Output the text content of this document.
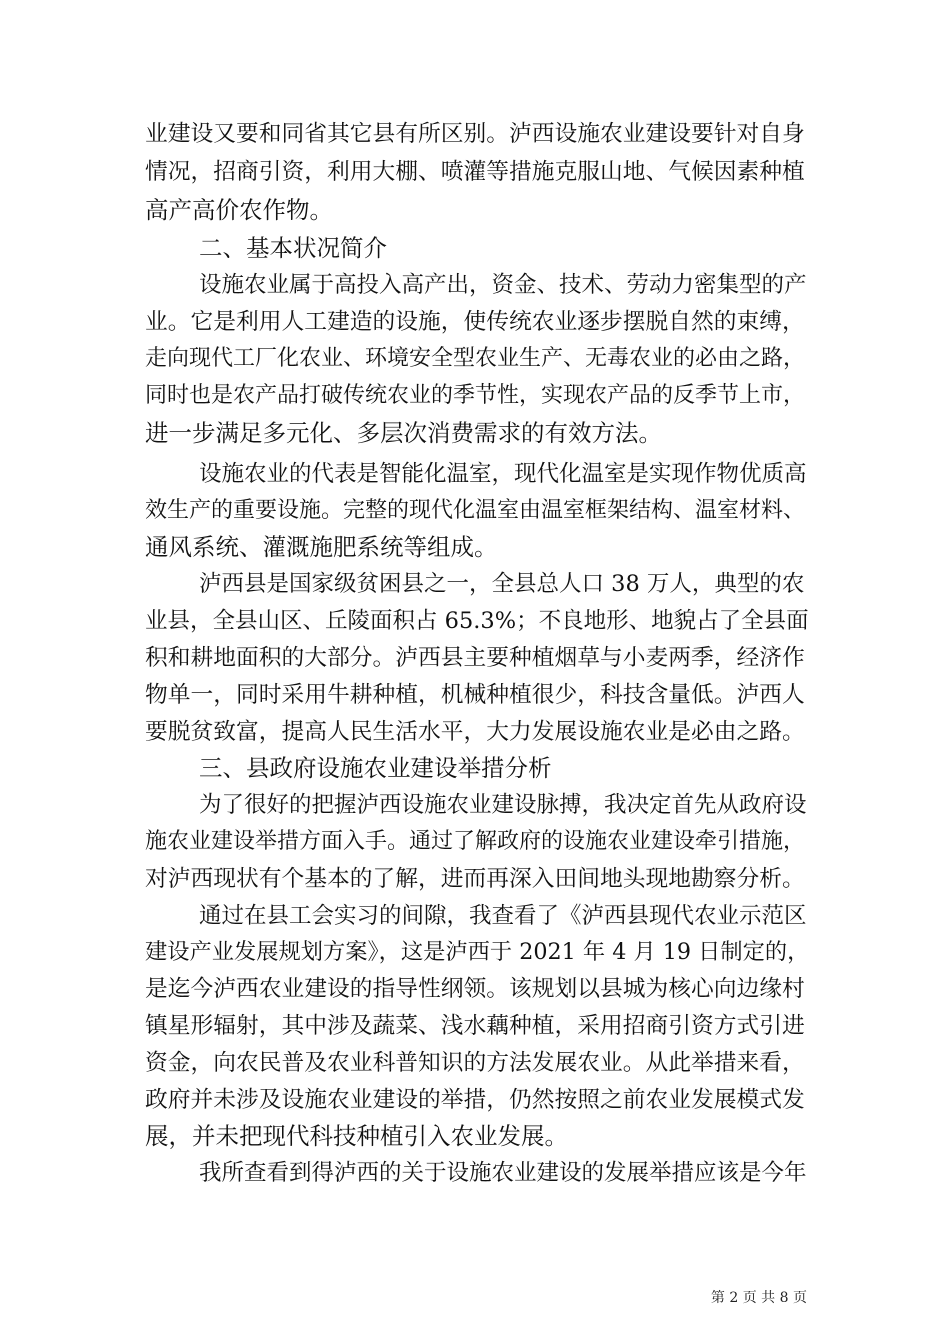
业建设又要和同省其它县有所区别。泸西设施农业建设要针对自身
情况，招商引资，利用大棚、喷灌等措施克服山地、气候因素种植
高产高价农作物。
二、基本状况简介
设施农业属于高投入高产出，资金、技术、劳动力密集型的产
业。它是利用人工建造的设施，使传统农业逐步摆脱自然的束缚，
走向现代工厂化农业、环境安全型农业生产、无毒农业的必由之路，
同时也是农产品打破传统农业的季节性，实现农产品的反季节上市，
进一步满足多元化、多层次消费需求的有效方法。
设施农业的代表是智能化温室，现代化温室是实现作物优质高
效生产的重要设施。完整的现代化温室由温室框架结构、温室材料、
通风系统、灌溉施肥系统等组成。
泸西县是国家级贫困县之一，全县总人口 38 万人，典型的农
业县，全县山区、丘陵面积占 65.3%；不良地形、地貌占了全县面
积和耕地面积的大部分。泸西县主要种植烟草与小麦两季，经济作
物单一，同时采用牛耕种植，机械种植很少，科技含量低。泸西人
要脱贫致富，提高人民生活水平，大力发展设施农业是必由之路。
三、县政府设施农业建设举措分析
为了很好的把握泸西设施农业建设脉搏，我决定首先从政府设
施农业建设举措方面入手。通过了解政府的设施农业建设牵引措施，
对泸西现状有个基本的了解，进而再深入田间地头现地勘察分析。
通过在县工会实习的间隙，我查看了《泸西县现代农业示范区
建设产业发展规划方案》，这是泸西于 2021 年 4 月 19 日制定的，
是迄今泸西农业建设的指导性纲领。该规划以县城为核心向边缘村
镇星形辐射，其中涉及蔬菜、浅水藕种植，采用招商引资方式引进
资金，向农民普及农业科普知识的方法发展农业。从此举措来看，
政府并未涉及设施农业建设的举措，仍然按照之前农业发展模式发
展，并未把现代科技种植引入农业发展。
我所查看到得泸西的关于设施农业建设的发展举措应该是今年
第 2 页 共 8 页
